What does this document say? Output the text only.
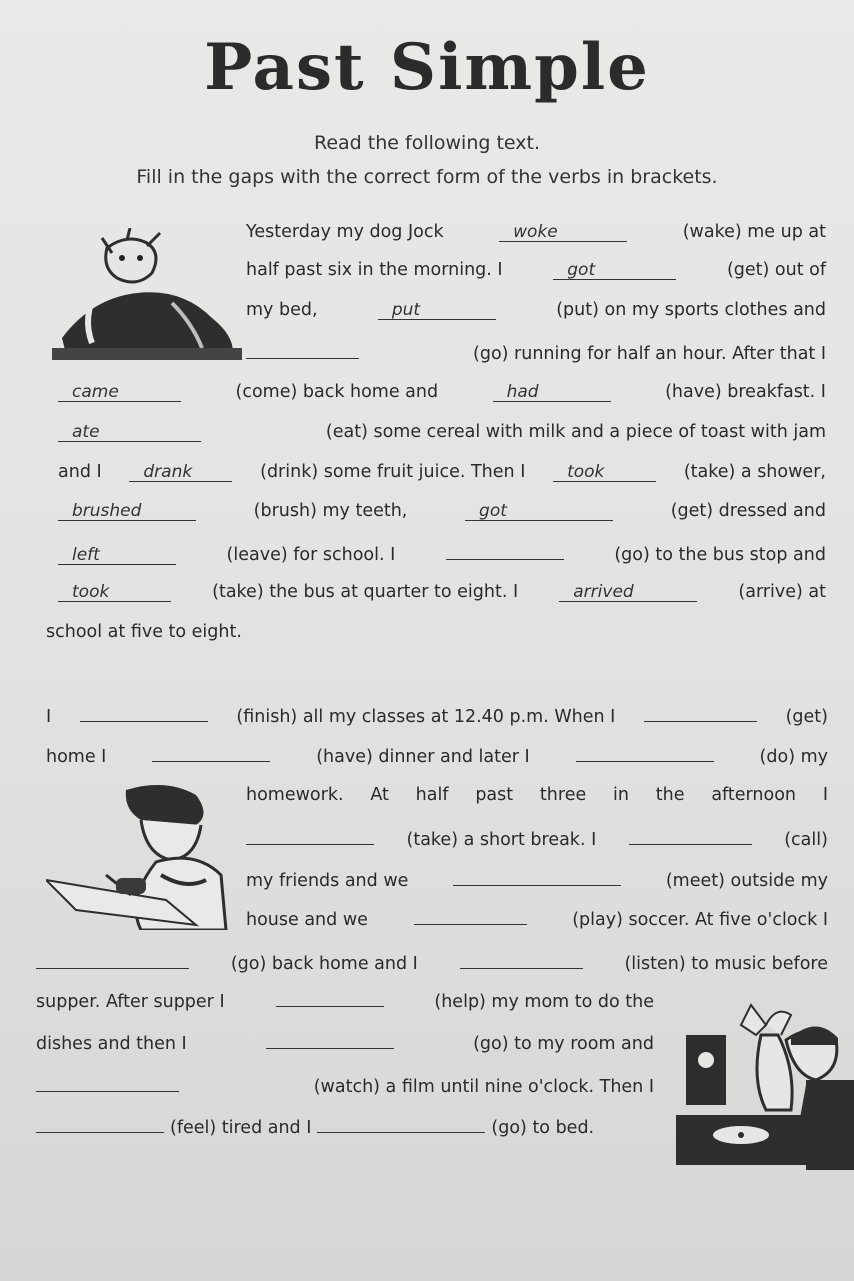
Past Simple
Read the following text.
Fill in the gaps with the correct form of the verbs in brackets.
Yesterday my dog Jock	woke	(wake) me up at
half past six in the morning. I	got	(get) out of
my bed,	put	(put) on my sports clothes and
(go) running for half an hour. After that I
came	(come) back home and	had	(have) breakfast. I
ate	(eat) some cereal with milk and a piece of toast with jam
and I	drank	(drink) some fruit juice. Then I	took	(take) a shower,
brushed	(brush) my teeth,	got	(get) dressed and
left	(leave) for school. I	(go) to the bus stop and
took	(take) the bus at quarter to eight. I	arrived	(arrive) at
school at five to eight.
I	(finish) all my classes at 12.40 p.m. When I	(get)
home I	(have) dinner and later I	(do) my
homework. At half past three in the afternoon I
(take) a short break. I	(call)
my friends and we	(meet) outside my
house and we	(play) soccer. At five o'clock I
(go) back home and I	(listen) to music before
supper. After supper I	(help) my mom to do the
dishes and then I	(go) to my room and
(watch) a film until nine o'clock. Then I
(feel) tired and I	(go) to bed.
